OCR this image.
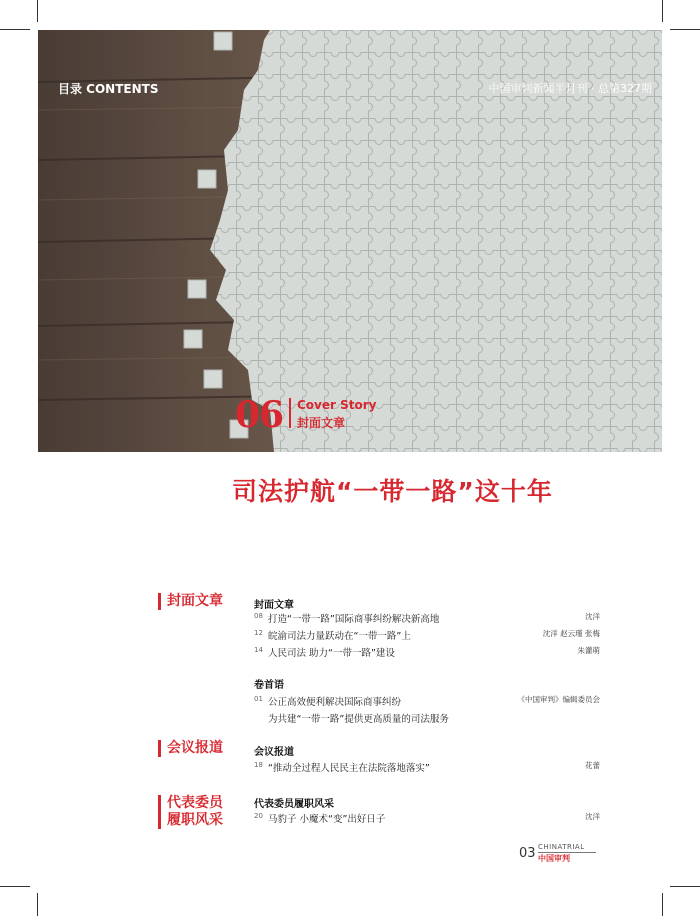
目录 CONTENTS	中国审判新闻半月刊 · 总第327期
06 Cover Story
封面文章
司法护航“一带一路”这十年
封面文章
会议报道
代表委员
履职风采
封面文章
08 打造“一带一路”国际商事纠纷解决新高地	沈洋
12 皖渝司法力量跃动在“一带一路”上	沈洋 赵云瑾 张梅
14 人民司法 助力“一带一路”建设	朱灌萌
卷首语
01 公正高效便利解决国际商事纠纷	《中国审判》编辑委员会
为共建“一带一路”提供更高质量的司法服务
会议报道
18 “推动全过程人民民主在法院落地落实”	花蕾
代表委员履职风采
20 马豹子 小魔术“变”出好日子	沈洋
03 CHINATRIAL
中国审判
